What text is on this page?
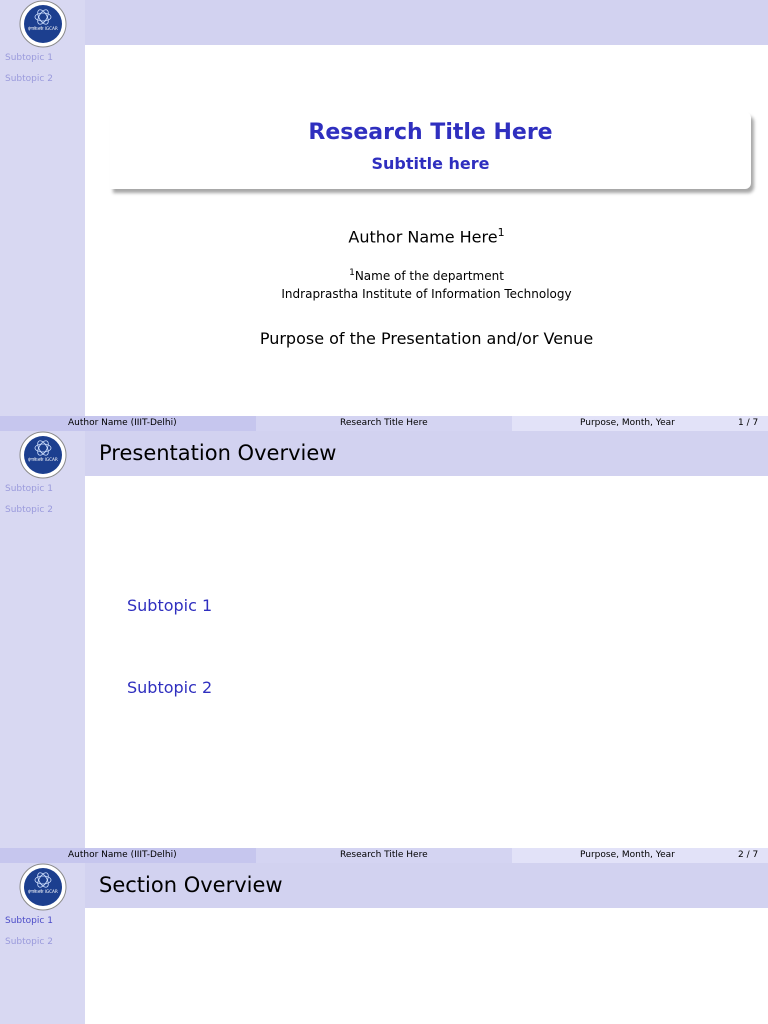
इंगाकेअके IGCAR
Subtopic 1
Subtopic 2
Research Title Here
Subtitle here
Author Name Here$^1$
$^1$Name of the department
Indraprastha Institute of Information Technology
Purpose of the Presentation and/or Venue
Author Name (IIIT-Delhi)	Research Title Here	Purpose, Month, Year	1 / 7
इंगाकेअके IGCAR Presentation Overview
Subtopic 1
Subtopic 2
Subtopic 1
Subtopic 2
Author Name (IIIT-Delhi)	Research Title Here	Purpose, Month, Year	2 / 7
इंगाकेअके IGCAR Section Overview
Subtopic 1
Subtopic 2
